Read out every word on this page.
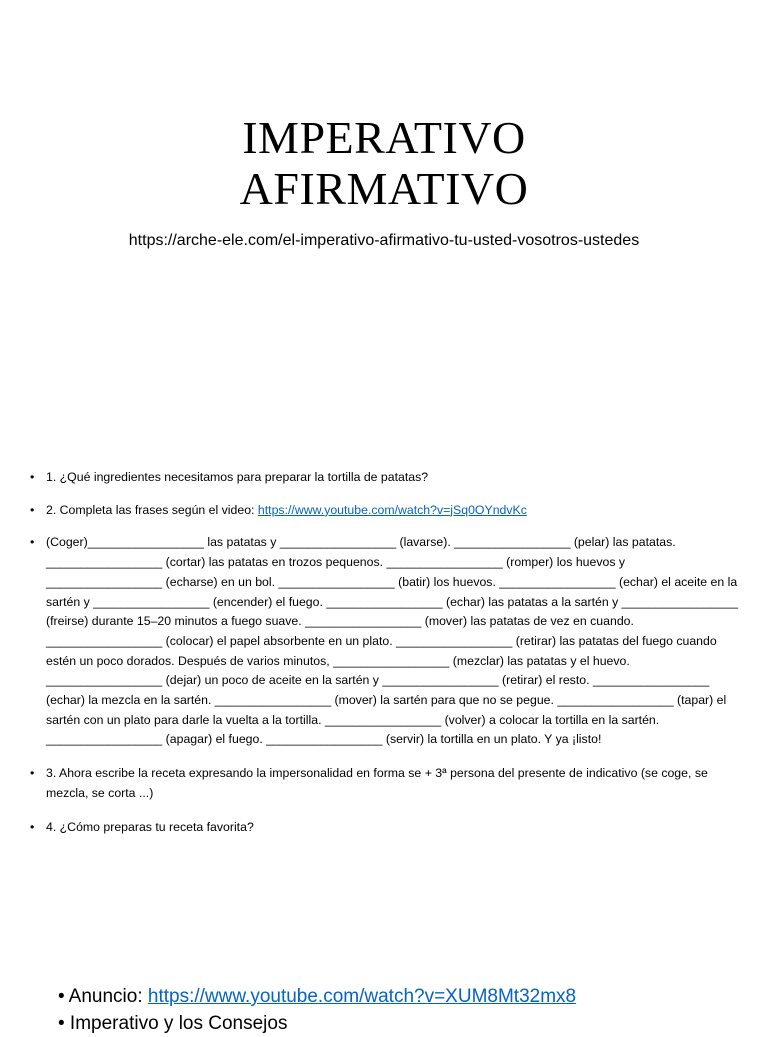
IMPERATIVO
AFIRMATIVO
https://arche-ele.com/el-imperativo-afirmativo-tu-usted-vosotros-ustedes
• 1. ¿Qué ingredientes necesitamos para preparar la tortilla de patatas?
• 2. Completa las frases según el video: https://www.youtube.com/watch?v=jSq0OYndvKc
• (Coger)_________________ las patatas y _________________ (lavarse). _________________ (pelar) las patatas. _________________ (cortar) las patatas en trozos pequenos. _________________ (romper) los huevos y _________________ (echarse) en un bol. _________________ (batir) los huevos. _________________ (echar) el aceite en la sartén y _________________ (encender) el fuego. _________________ (echar) las patatas a la sartén y _________________ (freirse) durante 15–20 minutos a fuego suave. _________________ (mover) las patatas de vez en cuando. _________________ (colocar) el papel absorbente en un plato. _________________ (retirar) las patatas del fuego cuando estén un poco dorados. Después de varios minutos, _________________ (mezclar) las patatas y el huevo. _________________ (dejar) un poco de aceite en la sartén y _________________ (retirar) el resto. _________________ (echar) la mezcla en la sartén. _________________ (mover) la sartén para que no se pegue. _________________ (tapar) el sartén con un plato para darle la vuelta a la tortilla. _________________ (volver) a colocar la tortilla en la sartén. _________________ (apagar) el fuego. _________________ (servir) la tortilla en un plato. Y ya ¡listo!
• 3. Ahora escribe la receta expresando la impersonalidad en forma se + 3ª persona del presente de indicativo (se coge, se mezcla, se corta ...)
• 4. ¿Cómo preparas tu receta favorita?
• Anuncio: https://www.youtube.com/watch?v=XUM8Mt32mx8
• Imperativo y los Consejos
